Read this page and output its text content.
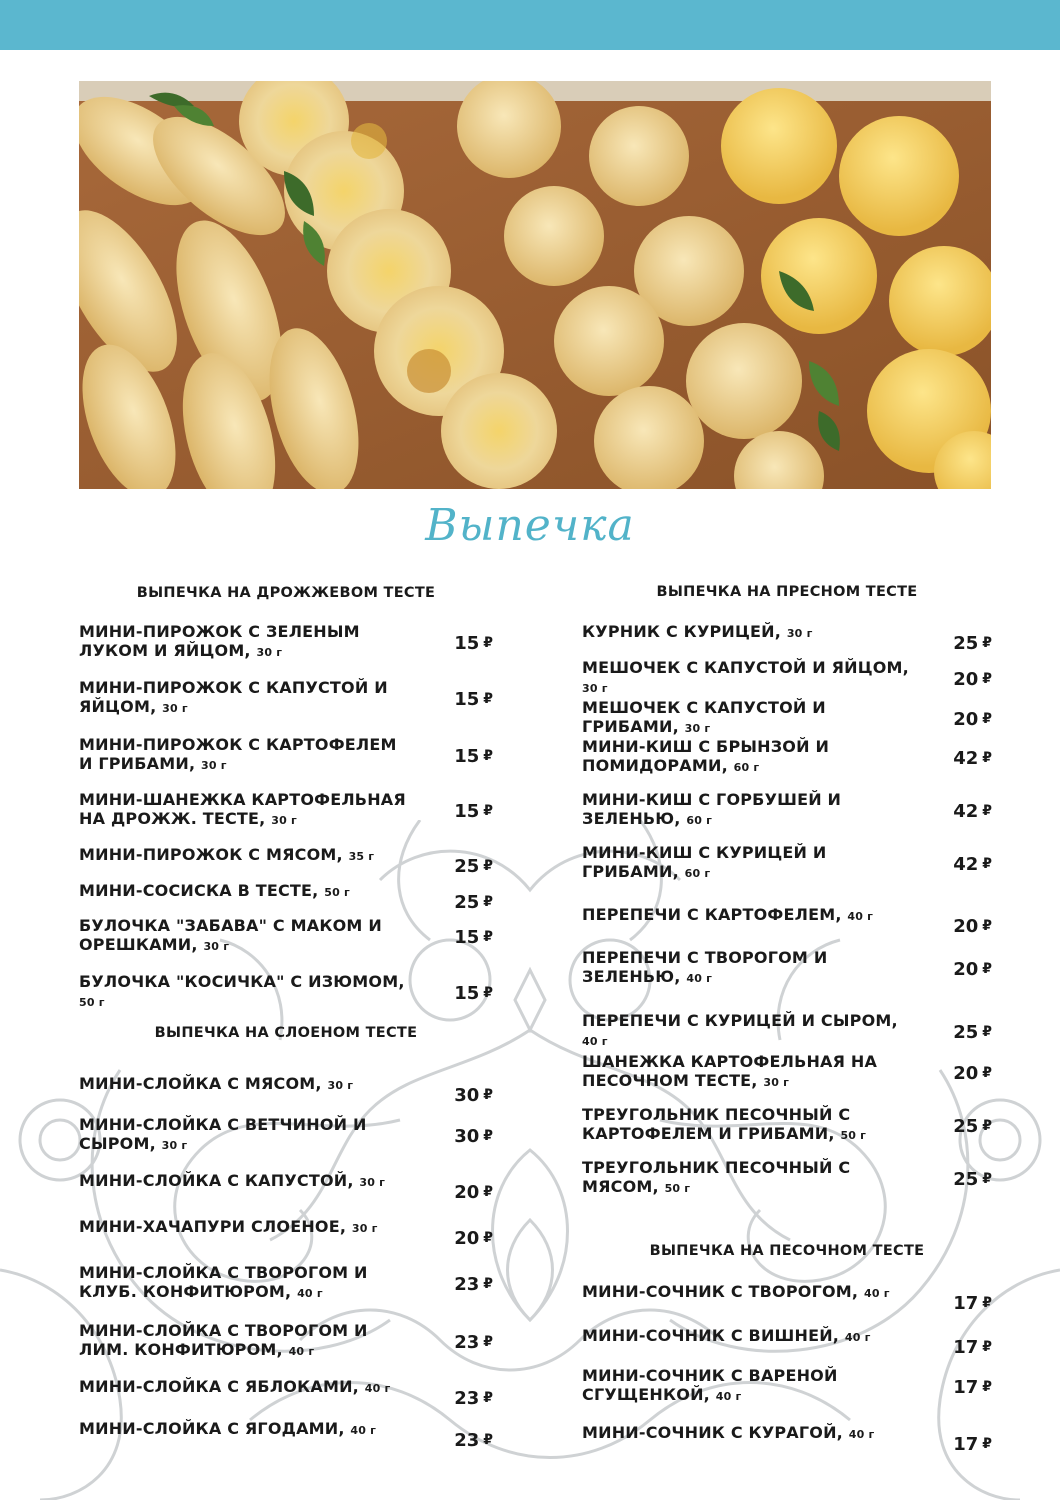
Выпечка
ВЫПЕЧКА НА ДРОЖЖЕВОМ ТЕСТЕ
МИНИ-ПИРОЖОК С ЗЕЛЕНЫМ ЛУКОМ И ЯЙЦОМ, 30 г	15 ₽
МИНИ-ПИРОЖОК С КАПУСТОЙ И ЯЙЦОМ, 30 г	15 ₽
МИНИ-ПИРОЖОК С КАРТОФЕЛЕМ И ГРИБАМИ, 30 г	15 ₽
МИНИ-ШАНЕЖКА КАРТОФЕЛЬНАЯ НА ДРОЖЖ. ТЕСТЕ, 30 г	15 ₽
МИНИ-ПИРОЖОК С МЯСОМ, 35 г	25 ₽
МИНИ-СОСИСКА В ТЕСТЕ, 50 г	25 ₽
БУЛОЧКА "ЗАБАВА" С МАКОМ И ОРЕШКАМИ, 30 г	15 ₽
БУЛОЧКА "КОСИЧКА" С ИЗЮМОМ, 50 г	15 ₽
ВЫПЕЧКА НА СЛОЕНОМ ТЕСТЕ
МИНИ-СЛОЙКА С МЯСОМ, 30 г	30 ₽
МИНИ-СЛОЙКА С ВЕТЧИНОЙ И СЫРОМ, 30 г	30 ₽
МИНИ-СЛОЙКА С КАПУСТОЙ, 30 г	20 ₽
МИНИ-ХАЧАПУРИ СЛОЕНОЕ, 30 г	20 ₽
МИНИ-СЛОЙКА С ТВОРОГОМ И КЛУБ. КОНФИТЮРОМ, 40 г	23 ₽
МИНИ-СЛОЙКА С ТВОРОГОМ И ЛИМ. КОНФИТЮРОМ, 40 г	23 ₽
МИНИ-СЛОЙКА С ЯБЛОКАМИ, 40 г	23 ₽
МИНИ-СЛОЙКА С ЯГОДАМИ, 40 г	23 ₽
ВЫПЕЧКА НА ПРЕСНОМ ТЕСТЕ
КУРНИК С КУРИЦЕЙ, 30 г	25 ₽
МЕШОЧЕК С КАПУСТОЙ И ЯЙЦОМ, 30 г	20 ₽
МЕШОЧЕК С КАПУСТОЙ И ГРИБАМИ, 30 г	20 ₽
МИНИ-КИШ С БРЫНЗОЙ И ПОМИДОРАМИ, 60 г	42 ₽
МИНИ-КИШ С ГОРБУШЕЙ И ЗЕЛЕНЬЮ, 60 г	42 ₽
МИНИ-КИШ С КУРИЦЕЙ И ГРИБАМИ, 60 г	42 ₽
ПЕРЕПЕЧИ С КАРТОФЕЛЕМ, 40 г	20 ₽
ПЕРЕПЕЧИ С ТВОРОГОМ И ЗЕЛЕНЬЮ, 40 г	20 ₽
ПЕРЕПЕЧИ С КУРИЦЕЙ И СЫРОМ, 40 г	25 ₽
ШАНЕЖКА КАРТОФЕЛЬНАЯ НА ПЕСОЧНОМ ТЕСТЕ, 30 г	20 ₽
ТРЕУГОЛЬНИК ПЕСОЧНЫЙ С КАРТОФЕЛЕМ И ГРИБАМИ, 50 г	25 ₽
ТРЕУГОЛЬНИК ПЕСОЧНЫЙ С МЯСОМ, 50 г	25 ₽
ВЫПЕЧКА НА ПЕСОЧНОМ ТЕСТЕ
МИНИ-СОЧНИК С ТВОРОГОМ, 40 г	17 ₽
МИНИ-СОЧНИК С ВИШНЕЙ, 40 г	17 ₽
МИНИ-СОЧНИК С ВАРЕНОЙ СГУЩЕНКОЙ, 40 г	17 ₽
МИНИ-СОЧНИК С КУРАГОЙ, 40 г	17 ₽
